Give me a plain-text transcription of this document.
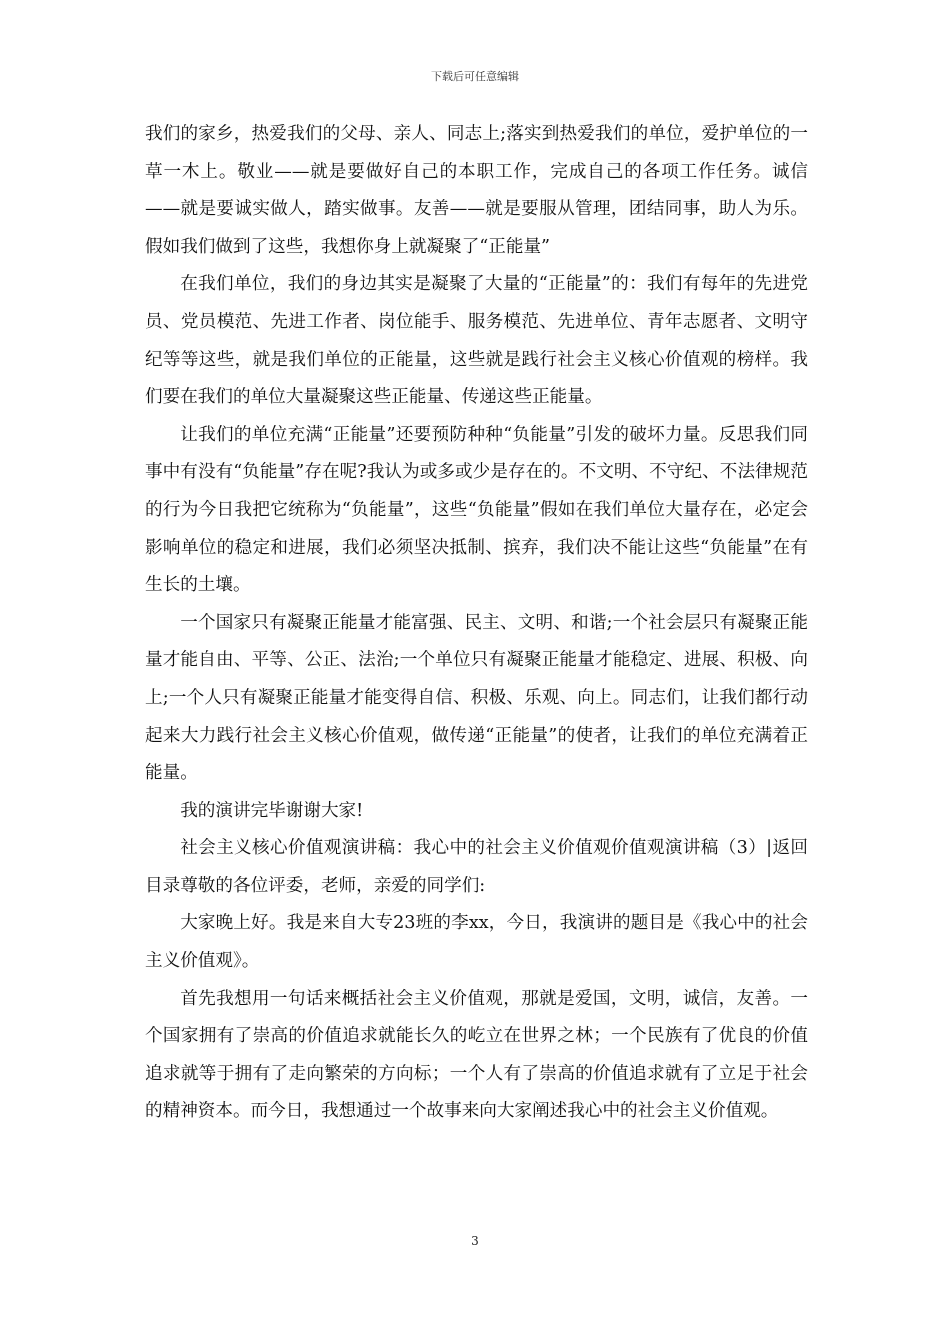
下载后可任意编辑

我们的家乡，热爱我们的父母、亲人、同志上;落实到热爱我们的单位，爱护单位的一草一木上。敬业——就是要做好自己的本职工作，完成自己的各项工作任务。诚信——就是要诚实做人，踏实做事。友善——就是要服从管理，团结同事，助人为乐。假如我们做到了这些，我想你身上就凝聚了“正能量”

在我们单位，我们的身边其实是凝聚了大量的“正能量”的：我们有每年的先进党员、党员模范、先进工作者、岗位能手、服务模范、先进单位、青年志愿者、文明守纪等等这些，就是我们单位的正能量，这些就是践行社会主义核心价值观的榜样。我们要在我们的单位大量凝聚这些正能量、传递这些正能量。

让我们的单位充满“正能量”还要预防种种“负能量”引发的破坏力量。反思我们同事中有没有“负能量”存在呢?我认为或多或少是存在的。不文明、不守纪、不法律规范的行为今日我把它统称为“负能量”，这些“负能量”假如在我们单位大量存在，必定会影响单位的稳定和进展，我们必须坚决抵制、摈弃，我们决不能让这些“负能量”在有生长的土壤。

一个国家只有凝聚正能量才能富强、民主、文明、和谐;一个社会层只有凝聚正能量才能自由、平等、公正、法治;一个单位只有凝聚正能量才能稳定、进展、积极、向上;一个人只有凝聚正能量才能变得自信、积极、乐观、向上。同志们，让我们都行动起来大力践行社会主义核心价值观，做传递“正能量”的使者，让我们的单位充满着正能量。

我的演讲完毕谢谢大家!

社会主义核心价值观演讲稿：我心中的社会主义价值观价值观演讲稿（3）|返回目录尊敬的各位评委，老师，亲爱的同学们:

大家晚上好。我是来自大专23班的李xx，今日，我演讲的题目是《我心中的社会主义价值观》。

首先我想用一句话来概括社会主义价值观，那就是爱国，文明，诚信，友善。一个国家拥有了崇高的价值追求就能长久的屹立在世界之林；一个民族有了优良的价值追求就等于拥有了走向繁荣的方向标；一个人有了崇高的价值追求就有了立足于社会的精神资本。而今日，我想通过一个故事来向大家阐述我心中的社会主义价值观。

3
